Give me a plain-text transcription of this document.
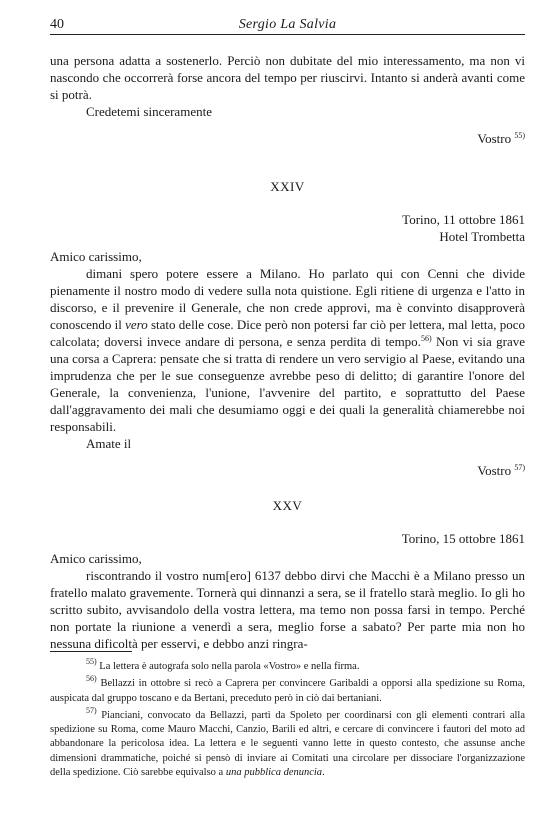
40	Sergio La Salvia

una persona adatta a sostenerlo. Perciò non dubitate del mio interessamento, ma non vi nascondo che occorrerà forse ancora del tempo per riuscirvi. Intanto si anderà avanti come si potrà.

Credetemi sinceramente

Vostro $^{55)}$

XXIV

Torino, 11 ottobre 1861

Hotel Trombetta

Amico carissimo,

dimani spero potere essere a Milano. Ho parlato qui con Cenni che divide pienamente il nostro modo di vedere sulla nota quistione. Egli ritiene di urgenza e l'atto in discorso, e il prevenire il Generale, che non crede approvi, ma è convinto disapproverà conoscendo il vero stato delle cose. Dice però non potersi far ciò per lettera, mal letta, poco calcolata; doversi invece andare di persona, e senza perdita di tempo.$^{56)}$ Non vi sia grave una corsa a Caprera: pensate che si tratta di rendere un vero servigio al Paese, evitando una imprudenza che per le sue conseguenze avrebbe peso di delitto; di garantire l'onore del Generale, la convenienza, l'unione, l'avvenire del partito, e soprattutto del Paese dall'aggravamento dei mali che desumiamo oggi e dei quali la generalità chiamerebbe noi responsabili.

Amate il

Vostro $^{57)}$

XXV

Torino, 15 ottobre 1861

Amico carissimo,

riscontrando il vostro num[ero] 6137 debbo dirvi che Macchi è a Milano presso un fratello malato gravemente. Tornerà qui dinnanzi a sera, se il fratello starà meglio. Io gli ho scritto subito, avvisandolo della vostra lettera, ma temo non possa farsi in tempo. Perché non portate la riunione a venerdì a sera, meglio forse a sabato? Per parte mia non ho nessuna dificoltà per esservi, e debbo anzi ringra-

$^{55)}$ La lettera è autografa solo nella parola «Vostro» e nella firma.

$^{56)}$ Bellazzi in ottobre si recò a Caprera per convincere Garibaldi a opporsi alla spedizione su Roma, auspicata dal gruppo toscano e da Bertani, preceduto però in ciò dai bertaniani.

$^{57)}$ Pianciani, convocato da Bellazzi, partì da Spoleto per coordinarsi con gli elementi contrari alla spedizione su Roma, come Mauro Macchi, Canzio, Barili ed altri, e cercare di convincere i fautori del moto ad abbandonare la pericolosa idea. La lettera e le seguenti vanno lette in questo contesto, che assunse anche dimensioni drammatiche, poiché si pensò di inviare ai Comitati una circolare per dissociare l'organizzazione della spedizione. Ciò sarebbe equivalso a una pubblica denuncia.
